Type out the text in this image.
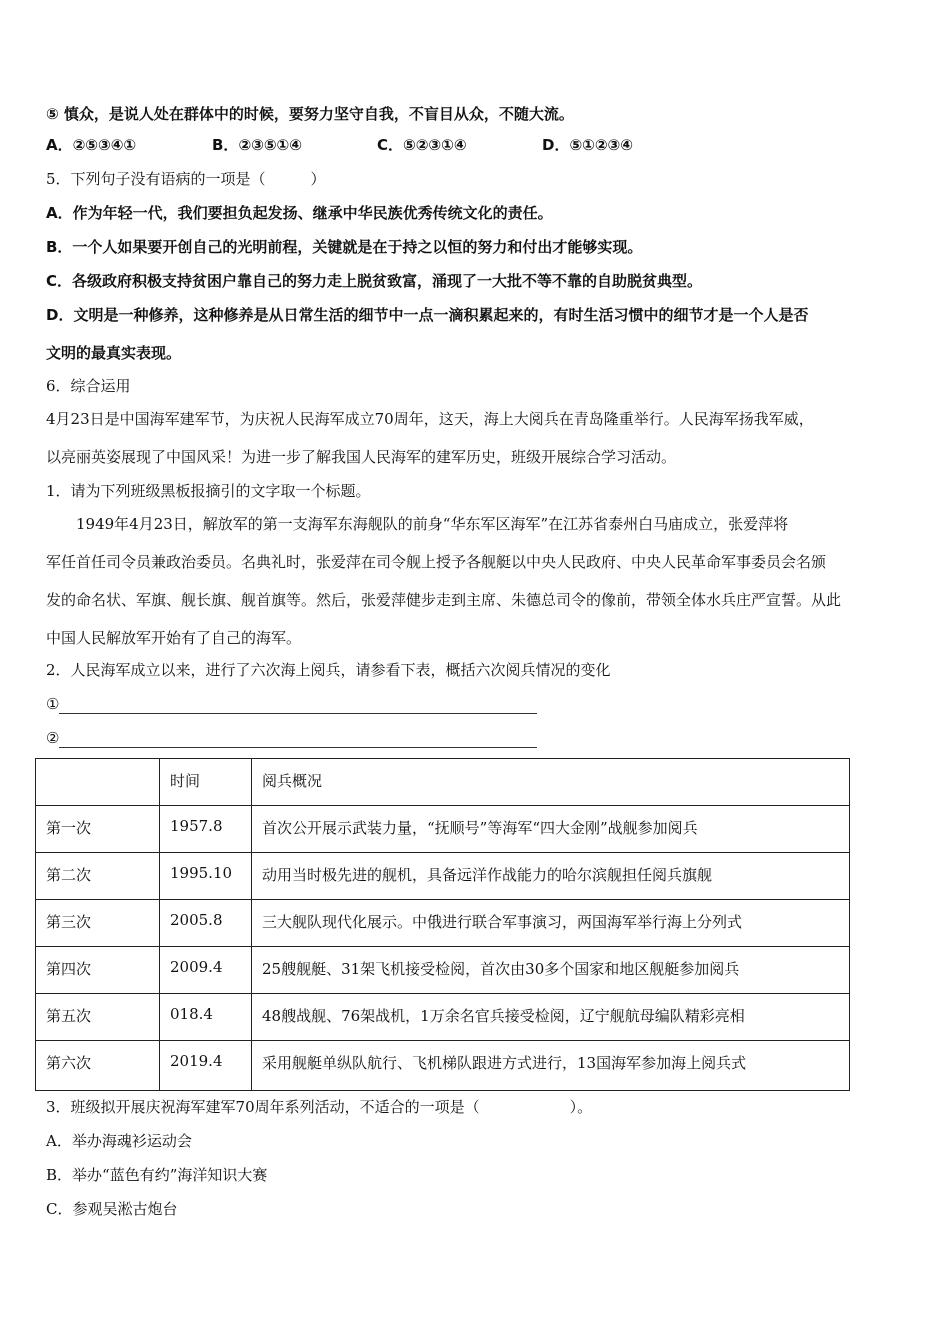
⑤ 慎众，是说人处在群体中的时候，要努力坚守自我，不盲目从众，不随大流。
A．②⑤③④①	B．②③⑤①④	C．⑤②③①④	D．⑤①②③④
5．下列句子没有语病的一项是（　　　）
A．作为年轻一代，我们要担负起发扬、继承中华民族优秀传统文化的责任。
B．一个人如果要开创自己的光明前程，关键就是在于持之以恒的努力和付出才能够实现。
C．各级政府积极支持贫困户靠自己的努力走上脱贫致富，涌现了一大批不等不靠的自助脱贫典型。
D．文明是一种修养，这种修养是从日常生活的细节中一点一滴积累起来的，有时生活习惯中的细节才是一个人是否
文明的最真实表现。
6．综合运用
4月23日是中国海军建军节，为庆祝人民海军成立70周年，这天，海上大阅兵在青岛隆重举行。人民海军扬我军威，
以亮丽英姿展现了中国风采！为进一步了解我国人民海军的建军历史，班级开展综合学习活动。
1．请为下列班级黑板报摘引的文字取一个标题。
1949年4月23日，解放军的第一支海军东海舰队的前身“华东军区海军”在江苏省泰州白马庙成立，张爱萍将
军任首任司令员兼政治委员。名典礼时，张爱萍在司令舰上授予各舰艇以中央人民政府、中央人民革命军事委员会名颁
发的命名状、军旗、舰长旗、舰首旗等。然后，张爱萍健步走到主席、朱德总司令的像前，带领全体水兵庄严宣誓。从此
中国人民解放军开始有了自己的海军。
2．人民海军成立以来，进行了六次海上阅兵，请参看下表，概括六次阅兵情况的变化
①
②
	时间	阅兵概况
第一次	1957.8	首次公开展示武装力量，“抚顺号”等海军“四大金刚”战舰参加阅兵
第二次	1995.10	动用当时极先进的舰机，具备远洋作战能力的哈尔滨舰担任阅兵旗舰
第三次	2005.8	三大舰队现代化展示。中俄进行联合军事演习，两国海军举行海上分列式
第四次	2009.4	25艘舰艇、31架飞机接受检阅，首次由30多个国家和地区舰艇参加阅兵
第五次	018.4	48艘战舰、76架战机，1万余名官兵接受检阅，辽宁舰航母编队精彩亮相
第六次	2019.4	采用舰艇单纵队航行、飞机梯队跟进方式进行，13国海军参加海上阅兵式
3．班级拟开展庆祝海军建军70周年系列活动，不适合的一项是（　　　　　　）。
A．举办海魂衫运动会
B．举办“蓝色有约”海洋知识大赛
C．参观吴淞古炮台
